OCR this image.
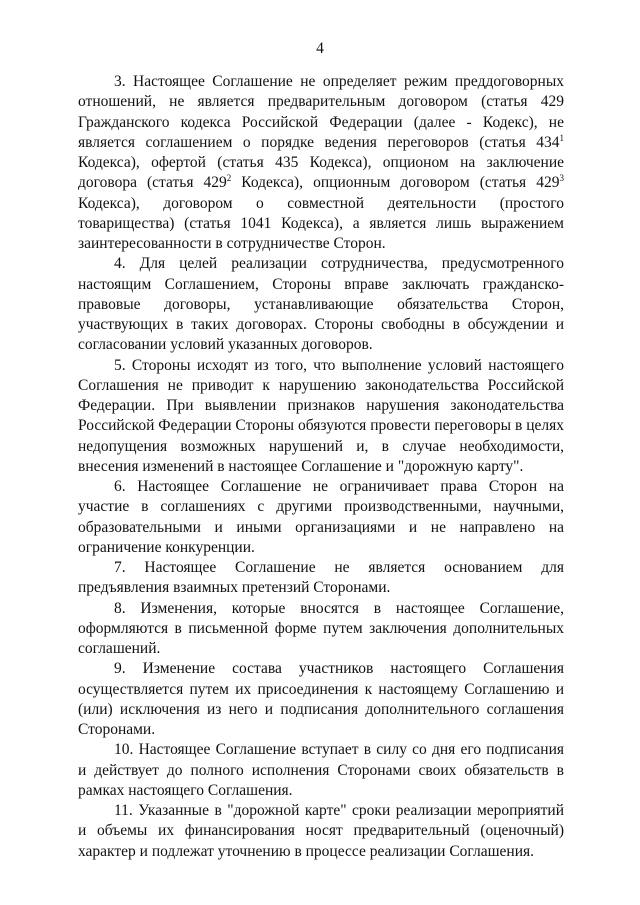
4

3. Настоящее Соглашение не определяет режим преддоговорных отношений, не является предварительным договором (статья 429 Гражданского кодекса Российской Федерации (далее - Кодекс), не является соглашением о порядке ведения переговоров (статья $434^1$ Кодекса), офертой (статья 435 Кодекса), опционом на заключение договора (статья $429^2$ Кодекса), опционным договором (статья $429^3$ Кодекса), договором о совместной деятельности (простого товарищества) (статья 1041 Кодекса), а является лишь выражением заинтересованности в сотрудничестве Сторон.

4. Для целей реализации сотрудничества, предусмотренного настоящим Соглашением, Стороны вправе заключать гражданско-правовые договоры, устанавливающие обязательства Сторон, участвующих в таких договорах. Стороны свободны в обсуждении и согласовании условий указанных договоров.

5. Стороны исходят из того, что выполнение условий настоящего Соглашения не приводит к нарушению законодательства Российской Федерации. При выявлении признаков нарушения законодательства Российской Федерации Стороны обязуются провести переговоры в целях недопущения возможных нарушений и, в случае необходимости, внесения изменений в настоящее Соглашение и "дорожную карту".

6. Настоящее Соглашение не ограничивает права Сторон на участие в соглашениях с другими производственными, научными, образовательными и иными организациями и не направлено на ограничение конкуренции.

7. Настоящее Соглашение не является основанием для предъявления взаимных претензий Сторонами.

8. Изменения, которые вносятся в настоящее Соглашение, оформляются в письменной форме путем заключения дополнительных соглашений.

9. Изменение состава участников настоящего Соглашения осуществляется путем их присоединения к настоящему Соглашению и (или) исключения из него и подписания дополнительного соглашения Сторонами.

10. Настоящее Соглашение вступает в силу со дня его подписания и действует до полного исполнения Сторонами своих обязательств в рамках настоящего Соглашения.

11. Указанные в "дорожной карте" сроки реализации мероприятий и объемы их финансирования носят предварительный (оценочный) характер и подлежат уточнению в процессе реализации Соглашения.
